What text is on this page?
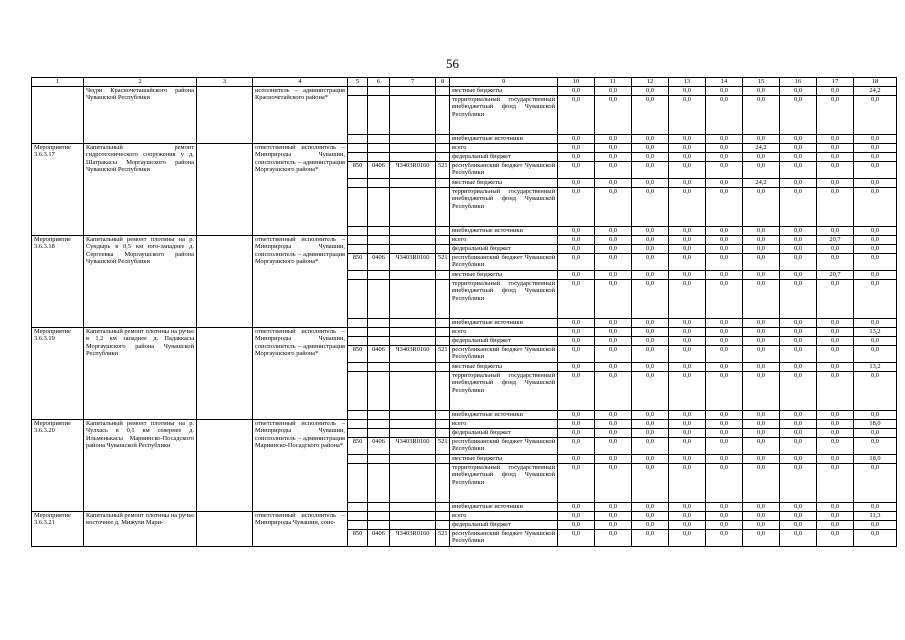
56
1	2	3	4	5	6	7	8	9	10	11	12	13	14	15	16	17	18
	Чеҫри Красночеташайского района Чувашской Республики		исполнитель – администрация Красночетайского района*					местные бюджеты	0,0	0,0	0,0	0,0	0,0	0,0	0,0	0,0	24,2
								территориальный государственный внебюджетный фонд Чувашской Республики	0,0	0,0	0,0	0,0	0,0	0,0	0,0	0,0	0,0
								внебюджетные источники	0,0	0,0	0,0	0,0	0,0	0,0	0,0	0,0	0,0
Мероприятие 3.6.3.17	Капитальный ремонт гидротехнического сооружения у д. Шатракасы Моргаушского района Чувашской Республики		ответственный исполнитель – Минприроды Чувашии, соисполнитель – администрация Моргаушского района*					всего	0,0	0,0	0,0	0,0	0,0	24,2	0,0	0,0	0,0
								федеральный бюджет	0,0	0,0	0,0	0,0	0,0	0,0	0,0	0,0	0,0
				850	0406	Ч3403R0160	521	республиканский бюджет Чувашской Республики	0,0	0,0	0,0	0,0	0,0	0,0	0,0	0,0	0,0
								местные бюджеты	0,0	0,0	0,0	0,0	0,0	24,2	0,0	0,0	0,0
								территориальный государственный внебюджетный фонд Чувашской Республики	0,0	0,0	0,0	0,0	0,0	0,0	0,0	0,0	0,0
								внебюджетные источники	0,0	0,0	0,0	0,0	0,0	0,0	0,0	0,0	0,0
Мероприятие 3.6.3.18	Капитальный ремонт плотины на р. Сундырь в 0,5 км юго-западнее д. Сергеевка Моргаушского района Чувашской Республики		ответственный исполнитель – Минприроды Чувашии, соисполнитель – администрация Моргаушского района*					всего	0,0	0,0	0,0	0,0	0,0	0,0	0,0	20,7	0,0
								федеральный бюджет	0,0	0,0	0,0	0,0	0,0	0,0	0,0	0,0	0,0
				850	0406	Ч3403R0160	521	республиканский бюджет Чувашской Республики	0,0	0,0	0,0	0,0	0,0	0,0	0,0	0,0	0,0
								местные бюджеты	0,0	0,0	0,0	0,0	0,0	0,0	0,0	20,7	0,0
								территориальный государственный внебюджетный фонд Чувашской Республики	0,0	0,0	0,0	0,0	0,0	0,0	0,0	0,0	0,0
								внебюджетные источники	0,0	0,0	0,0	0,0	0,0	0,0	0,0	0,0	0,0
Мероприятие 3.6.3.19	Капитальный ремонт плотины на ручье в 1,2 км западнее д. Падаккасы Моргаушского района Чувашской Республики		ответственный исполнитель – Минприроды Чувашии, соисполнитель – администрация Моргаушского района*					всего	0,0	0,0	0,0	0,0	0,0	0,0	0,0	0,0	13,2
								федеральный бюджет	0,0	0,0	0,0	0,0	0,0	0,0	0,0	0,0	0,0
				850	0406	Ч3403R0160	521	республиканский бюджет Чувашской Республики	0,0	0,0	0,0	0,0	0,0	0,0	0,0	0,0	0,0
								местные бюджеты	0,0	0,0	0,0	0,0	0,0	0,0	0,0	0,0	13,2
								территориальный государственный внебюджетный фонд Чувашской Республики	0,0	0,0	0,0	0,0	0,0	0,0	0,0	0,0	0,0
								внебюджетные источники	0,0	0,0	0,0	0,0	0,0	0,0	0,0	0,0	0,0
Мероприятие 3.6.3.20	Капитальный ремонт плотины на р. Чулхась в 0,1 км севернее д. Ильменькасы Мариинско-Посадского района Чувашской Республики		ответственный исполнитель – Минприроды Чувашии, соисполнитель – администрация Мариинско-Посадского района*					всего	0,0	0,0	0,0	0,0	0,0	0,0	0,0	0,0	18,0
								федеральный бюджет	0,0	0,0	0,0	0,0	0,0	0,0	0,0	0,0	0,0
				850	0406	Ч3403R0160	521	республиканский бюджет Чувашской Республики	0,0	0,0	0,0	0,0	0,0	0,0	0,0	0,0	0,0
								местные бюджеты	0,0	0,0	0,0	0,0	0,0	0,0	0,0	0,0	18,0
								территориальный государственный внебюджетный фонд Чувашской Республики	0,0	0,0	0,0	0,0	0,0	0,0	0,0	0,0	0,0
								внебюджетные источники	0,0	0,0	0,0	0,0	0,0	0,0	0,0	0,0	0,0
Мероприятие 3.6.3.21	Капитальный ремонт плотины на ручье восточнее д. Мижули Мари-		ответственный исполнитель – Минприроды Чувашии, соис-					всего	0,0	0,0	0,0	0,0	0,0	0,0	0,0	0,0	11,3
								федеральный бюджет	0,0	0,0	0,0	0,0	0,0	0,0	0,0	0,0	0,0
				850	0406	Ч3403R0160	521	республиканский бюджет Чувашской Республики	0,0	0,0	0,0	0,0	0,0	0,0	0,0	0,0	0,0
